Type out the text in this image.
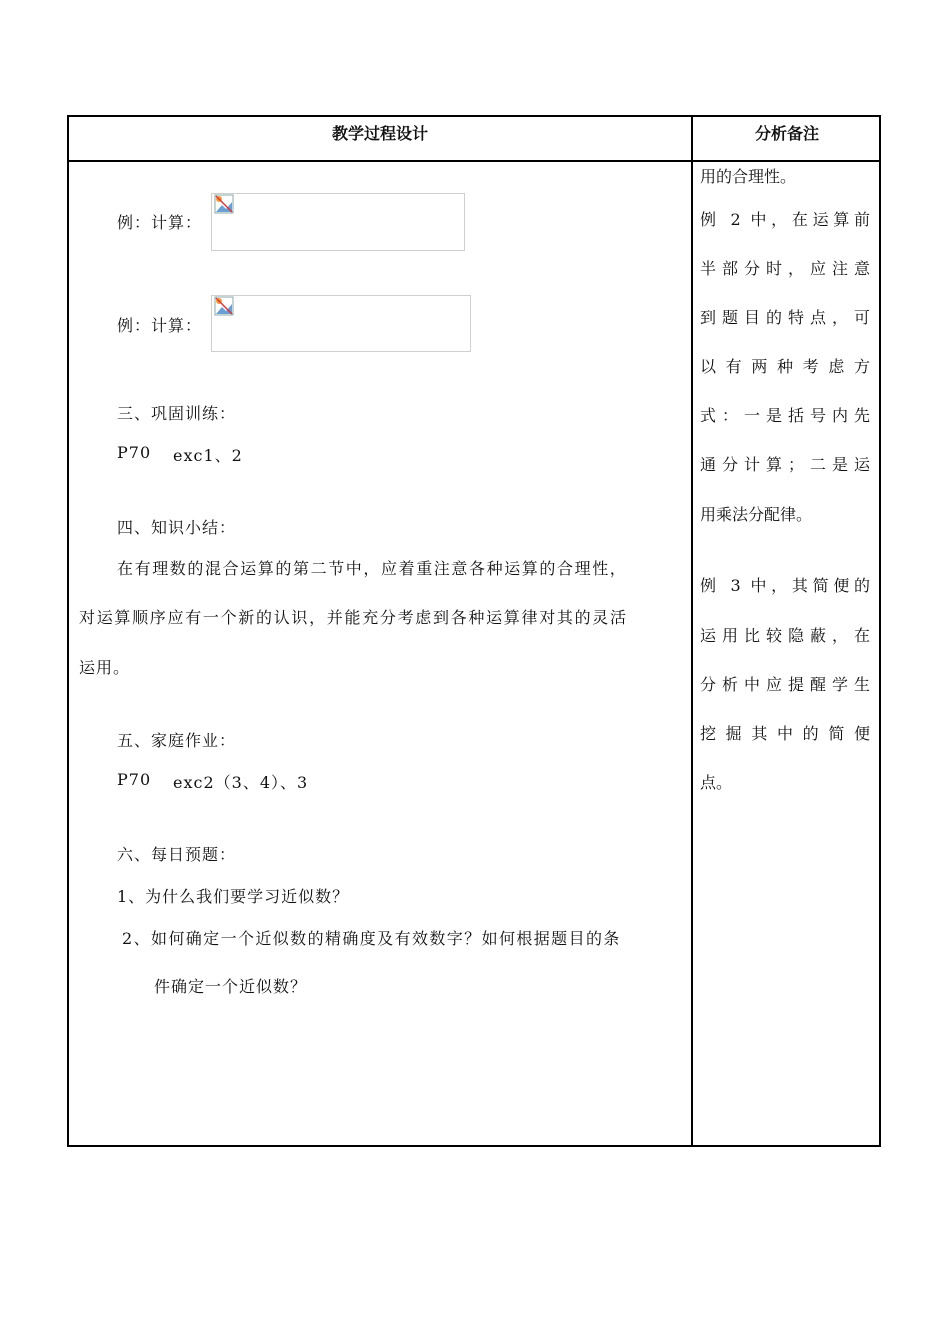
教学过程设计	分析备注
例：计算：
例：计算：
三、巩固训练：
P70 exc1、2
四、知识小结：
在有理数的混合运算的第二节中，应着重注意各种运算的合理性，
对运算顺序应有一个新的认识，并能充分考虑到各种运算律对其的灵活
运用。
五、家庭作业：
P70 exc2（3、4）、3
六、每日预题：
1、为什么我们要学习近似数？
2、如何确定一个近似数的精确度及有效数字？如何根据题目的条
件确定一个近似数？
用的合理性。
例 2 中，在运算前
半部分时，应注意
到题目的特点，可
以有两种考虑方
式：一是括号内先
通分计算；二是运
用乘法分配律。
例 3 中，其简便的
运用比较隐蔽，在
分析中应提醒学生
挖掘其中的简便
点。
